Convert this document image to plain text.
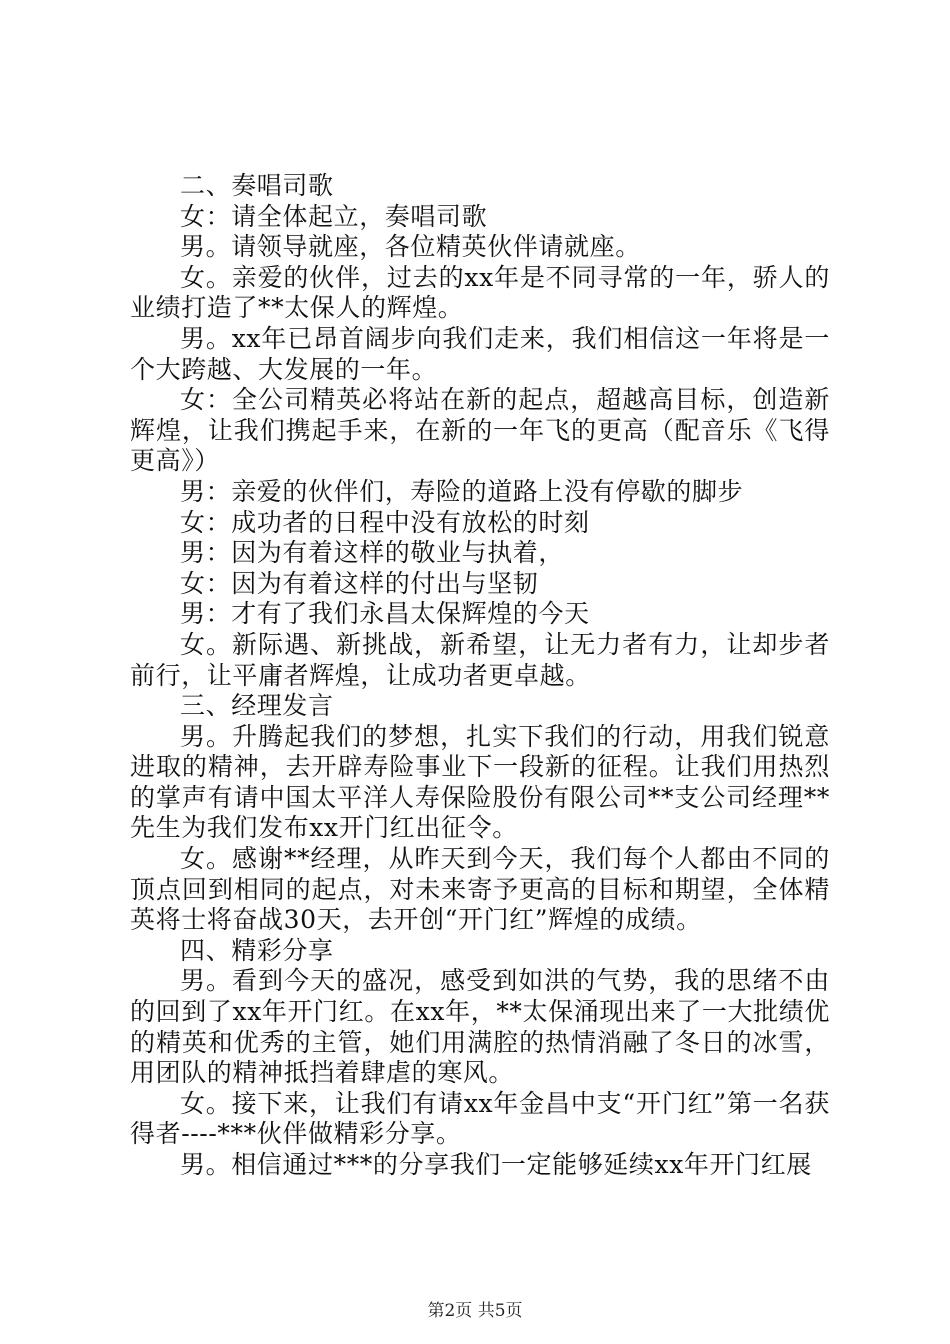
二、奏唱司歌

女：请全体起立，奏唱司歌

男。请领导就座，各位精英伙伴请就座。

女。亲爱的伙伴，过去的xx年是不同寻常的一年，骄人的业绩打造了**太保人的辉煌。

男。xx年已昂首阔步向我们走来，我们相信这一年将是一个大跨越、大发展的一年。

女：全公司精英必将站在新的起点，超越高目标，创造新辉煌，让我们携起手来，在新的一年飞的更高（配音乐《飞得更高》）

男：亲爱的伙伴们，寿险的道路上没有停歇的脚步

女：成功者的日程中没有放松的时刻

男：因为有着这样的敬业与执着，

女：因为有着这样的付出与坚韧

男：才有了我们永昌太保辉煌的今天

女。新际遇、新挑战，新希望，让无力者有力，让却步者前行，让平庸者辉煌，让成功者更卓越。

三、经理发言

男。升腾起我们的梦想，扎实下我们的行动，用我们锐意进取的精神，去开辟寿险事业下一段新的征程。让我们用热烈的掌声有请中国太平洋人寿保险股份有限公司**支公司经理**先生为我们发布xx开门红出征令。

女。感谢**经理，从昨天到今天，我们每个人都由不同的顶点回到相同的起点，对未来寄予更高的目标和期望，全体精英将士将奋战30天，去开创“开门红”辉煌的成绩。

四、精彩分享

男。看到今天的盛况，感受到如洪的气势，我的思绪不由的回到了xx年开门红。在xx年，**太保涌现出来了一大批绩优的精英和优秀的主管，她们用满腔的热情消融了冬日的冰雪，用团队的精神抵挡着肆虐的寒风。

女。接下来，让我们有请xx年金昌中支“开门红”第一名获得者----***伙伴做精彩分享。

男。相信通过***的分享我们一定能够延续xx年开门红展

第2页 共5页
